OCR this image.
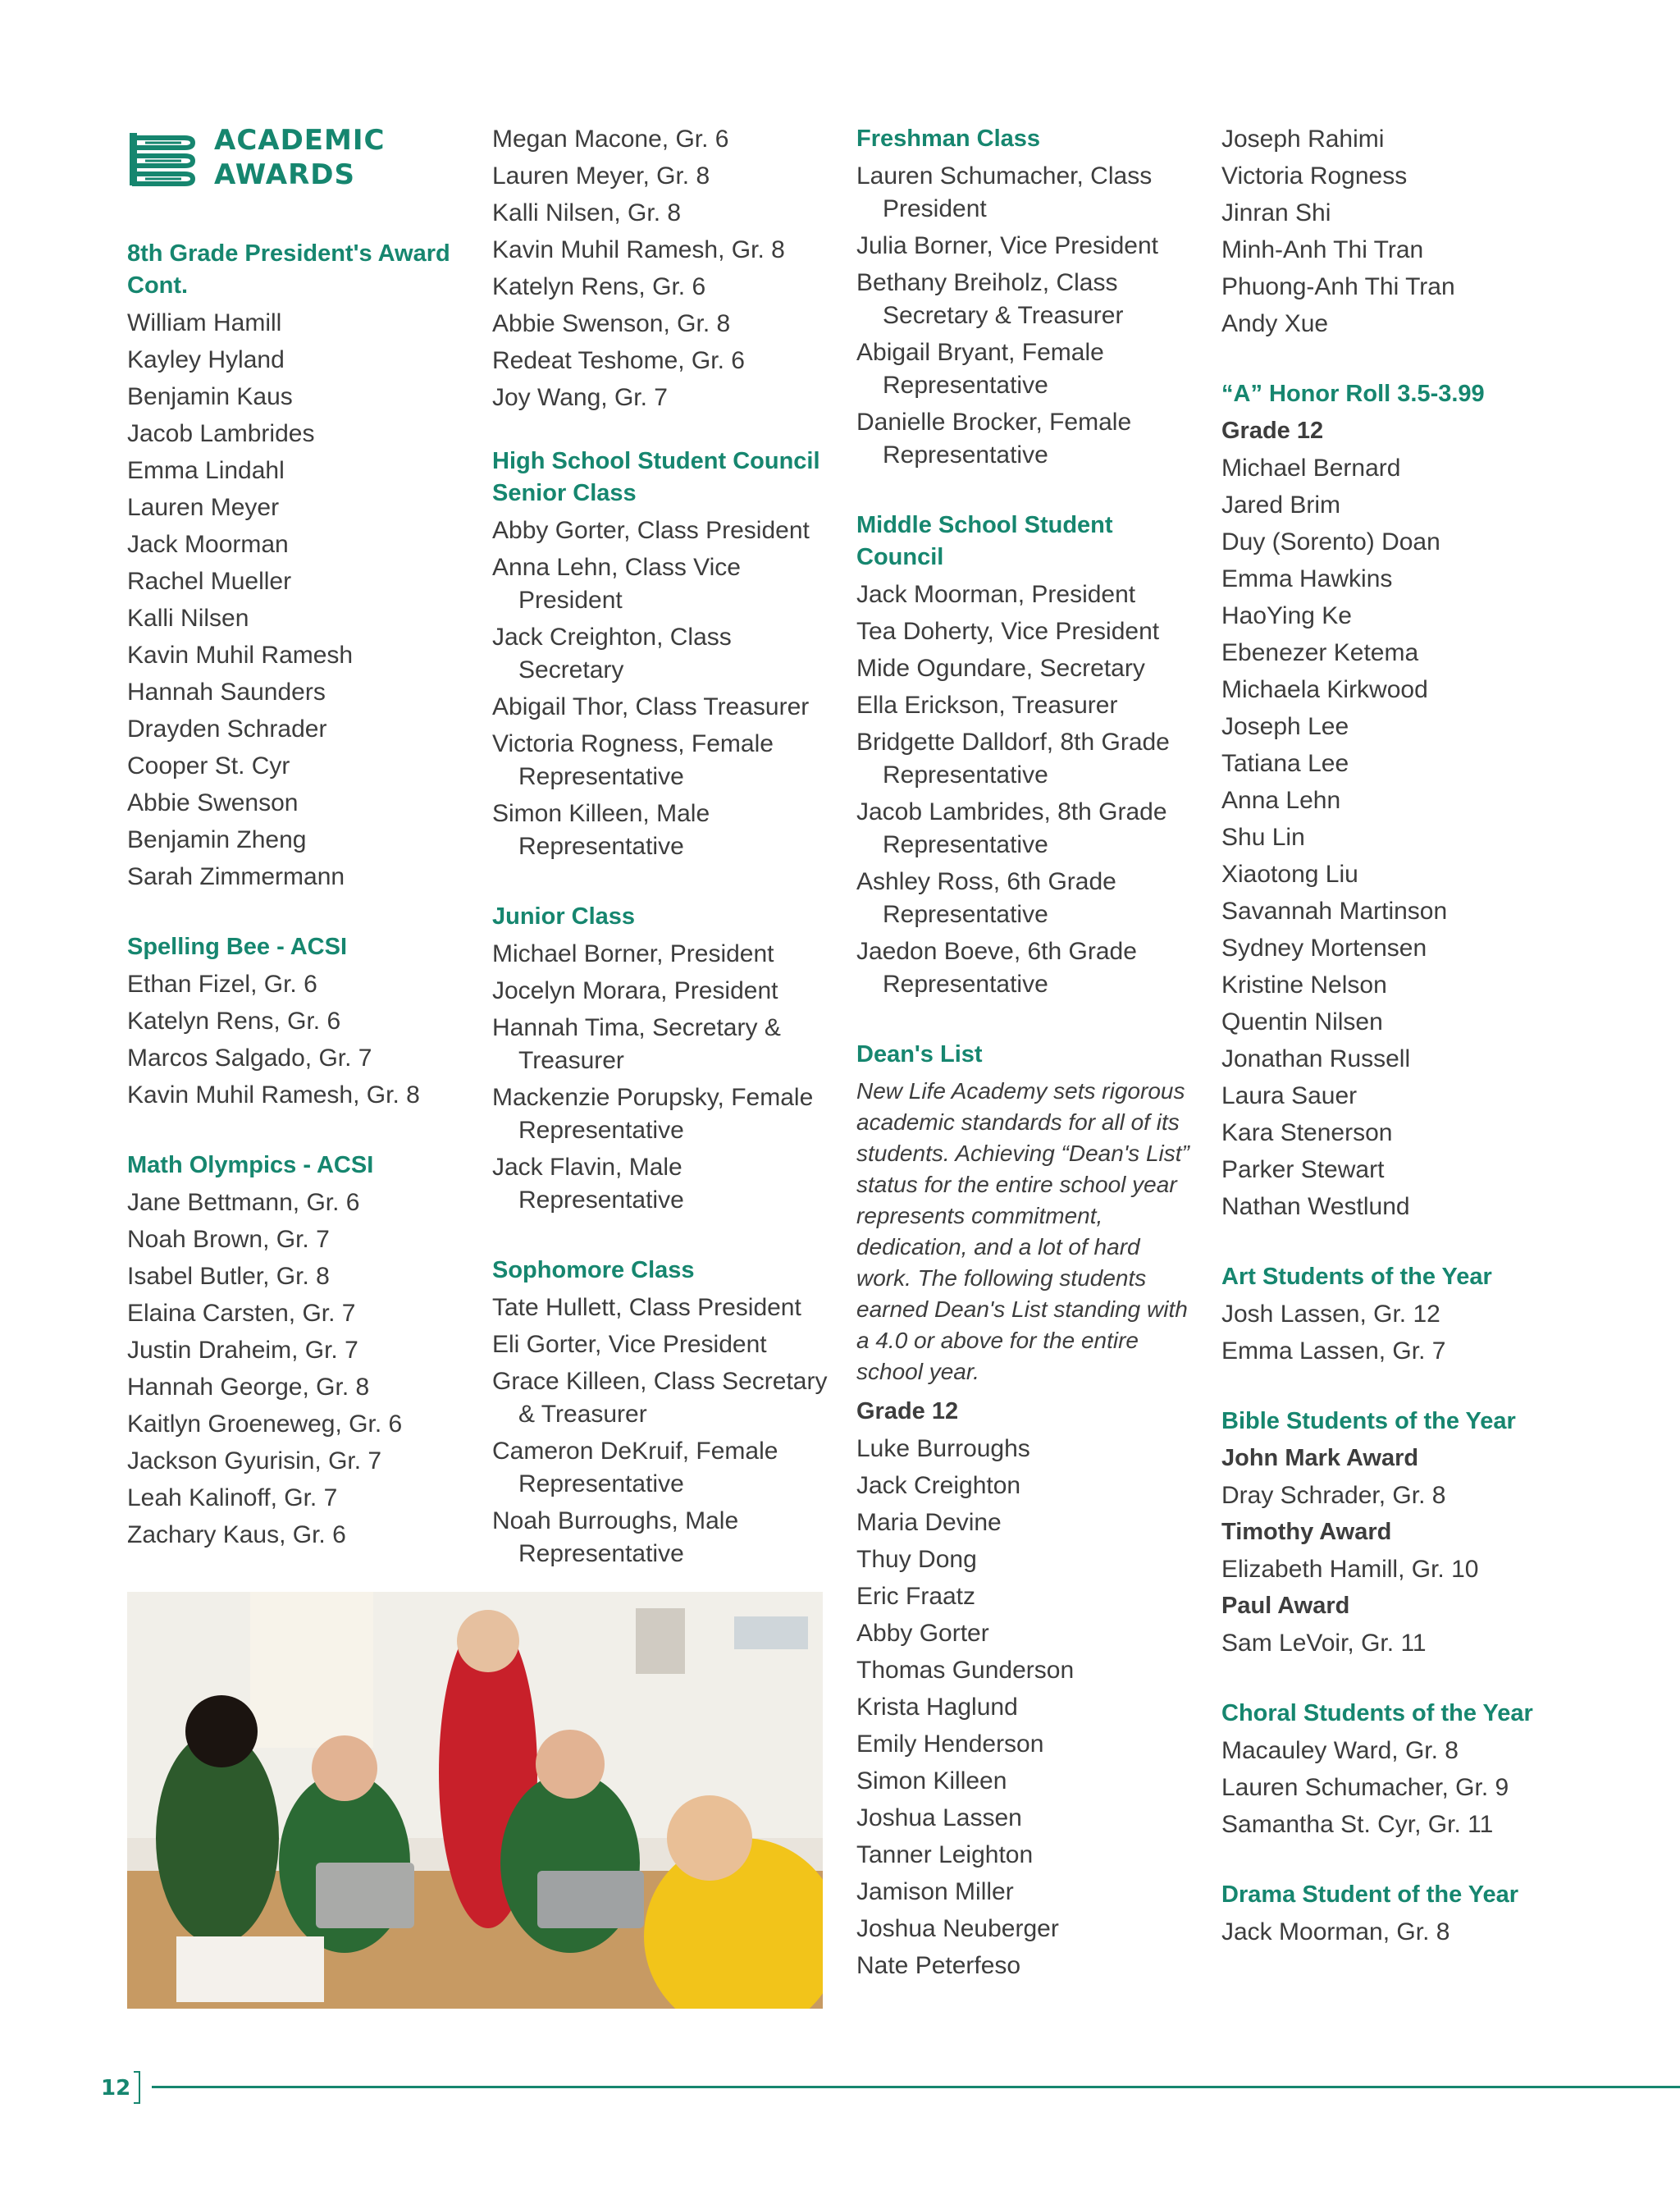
ACADEMIC
AWARDS
8th Grade President's Award Cont.
William Hamill
Kayley Hyland
Benjamin Kaus
Jacob Lambrides
Emma Lindahl
Lauren Meyer
Jack Moorman
Rachel Mueller
Kalli Nilsen
Kavin Muhil Ramesh
Hannah Saunders
Drayden Schrader
Cooper St. Cyr
Abbie Swenson
Benjamin Zheng
Sarah Zimmermann
Spelling Bee - ACSI
Ethan Fizel, Gr. 6
Katelyn Rens, Gr. 6
Marcos Salgado, Gr. 7
Kavin Muhil Ramesh, Gr. 8
Math Olympics - ACSI
Jane Bettmann, Gr. 6
Noah Brown, Gr. 7
Isabel Butler, Gr. 8
Elaina Carsten, Gr. 7
Justin Draheim, Gr. 7
Hannah George, Gr. 8
Kaitlyn Groeneweg, Gr. 6
Jackson Gyurisin, Gr. 7
Leah Kalinoff, Gr. 7
Zachary Kaus, Gr. 6
Megan Macone, Gr. 6
Lauren Meyer, Gr. 8
Kalli Nilsen, Gr. 8
Kavin Muhil Ramesh, Gr. 8
Katelyn Rens, Gr. 6
Abbie Swenson, Gr. 8
Redeat Teshome, Gr. 6
Joy Wang, Gr. 7
High School Student Council Senior Class
Abby Gorter, Class President
Anna Lehn, Class Vice President
Jack Creighton, Class Secretary
Abigail Thor, Class Treasurer
Victoria Rogness, Female Representative
Simon Killeen, Male Representative
Junior Class
Michael Borner, President
Jocelyn Morara, President
Hannah Tima, Secretary & Treasurer
Mackenzie Porupsky, Female Representative
Jack Flavin, Male Representative
Sophomore Class
Tate Hullett, Class President
Eli Gorter, Vice President
Grace Killeen, Class Secretary & Treasurer
Cameron DeKruif, Female Representative
Noah Burroughs, Male Representative
Freshman Class
Lauren Schumacher, Class President
Julia Borner, Vice President
Bethany Breiholz, Class Secretary & Treasurer
Abigail Bryant, Female Representative
Danielle Brocker, Female Representative
Middle School Student Council
Jack Moorman, President
Tea Doherty, Vice President
Mide Ogundare, Secretary
Ella Erickson, Treasurer
Bridgette Dalldorf, 8th Grade Representative
Jacob Lambrides, 8th Grade Representative
Ashley Ross, 6th Grade Representative
Jaedon Boeve, 6th Grade Representative
Dean's List
New Life Academy sets rigorous academic standards for all of its students. Achieving “Dean's List” status for the entire school year represents commitment, dedication, and a lot of hard work. The following students earned Dean's List standing with a 4.0 or above for the entire school year.
Grade 12
Luke Burroughs
Jack Creighton
Maria Devine
Thuy Dong
Eric Fraatz
Abby Gorter
Thomas Gunderson
Krista Haglund
Emily Henderson
Simon Killeen
Joshua Lassen
Tanner Leighton
Jamison Miller
Joshua Neuberger
Nate Peterfeso
Joseph Rahimi
Victoria Rogness
Jinran Shi
Minh-Anh Thi Tran
Phuong-Anh Thi Tran
Andy Xue
“A” Honor Roll 3.5-3.99
Grade 12
Michael Bernard
Jared Brim
Duy (Sorento) Doan
Emma Hawkins
HaoYing Ke
Ebenezer Ketema
Michaela Kirkwood
Joseph Lee
Tatiana Lee
Anna Lehn
Shu Lin
Xiaotong Liu
Savannah Martinson
Sydney Mortensen
Kristine Nelson
Quentin Nilsen
Jonathan Russell
Laura Sauer
Kara Stenerson
Parker Stewart
Nathan Westlund
Art Students of the Year
Josh Lassen, Gr. 12
Emma Lassen, Gr. 7
Bible Students of the Year
John Mark Award
Dray Schrader, Gr. 8
Timothy Award
Elizabeth Hamill, Gr. 10
Paul Award
Sam LeVoir, Gr. 11
Choral Students of the Year
Macauley Ward, Gr. 8
Lauren Schumacher, Gr. 9
Samantha St. Cyr, Gr. 11
Drama Student of the Year
Jack Moorman, Gr. 8
12
